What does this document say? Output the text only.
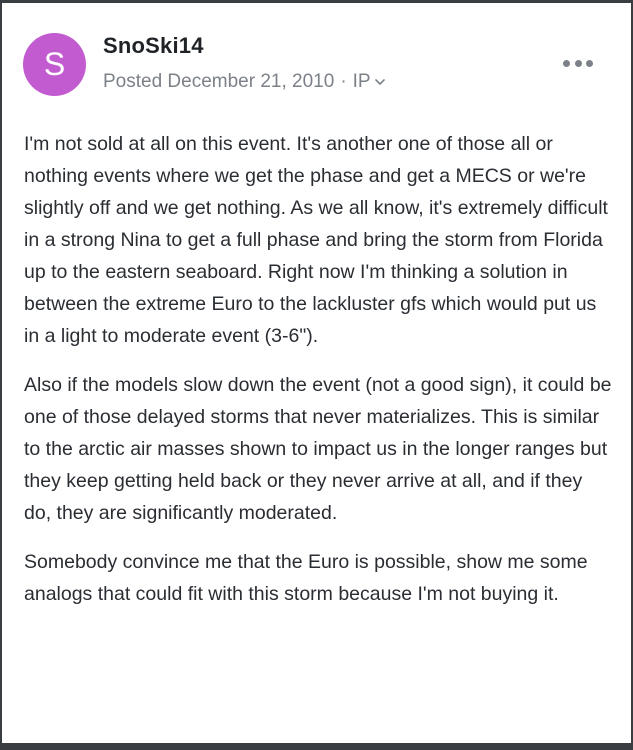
S
SnoSki14
Posted December 21, 2010 · IP

I'm not sold at all on this event. It's another one of those all or nothing events where we get the phase and get a MECS or we're slightly off and we get nothing. As we all know, it's extremely difficult in a strong Nina to get a full phase and bring the storm from Florida up to the eastern seaboard. Right now I'm thinking a solution in between the extreme Euro to the lackluster gfs which would put us in a light to moderate event (3-6").

Also if the models slow down the event (not a good sign), it could be one of those delayed storms that never materializes. This is similar to the arctic air masses shown to impact us in the longer ranges but they keep getting held back or they never arrive at all, and if they do, they are significantly moderated.

Somebody convince me that the Euro is possible, show me some analogs that could fit with this storm because I'm not buying it.
